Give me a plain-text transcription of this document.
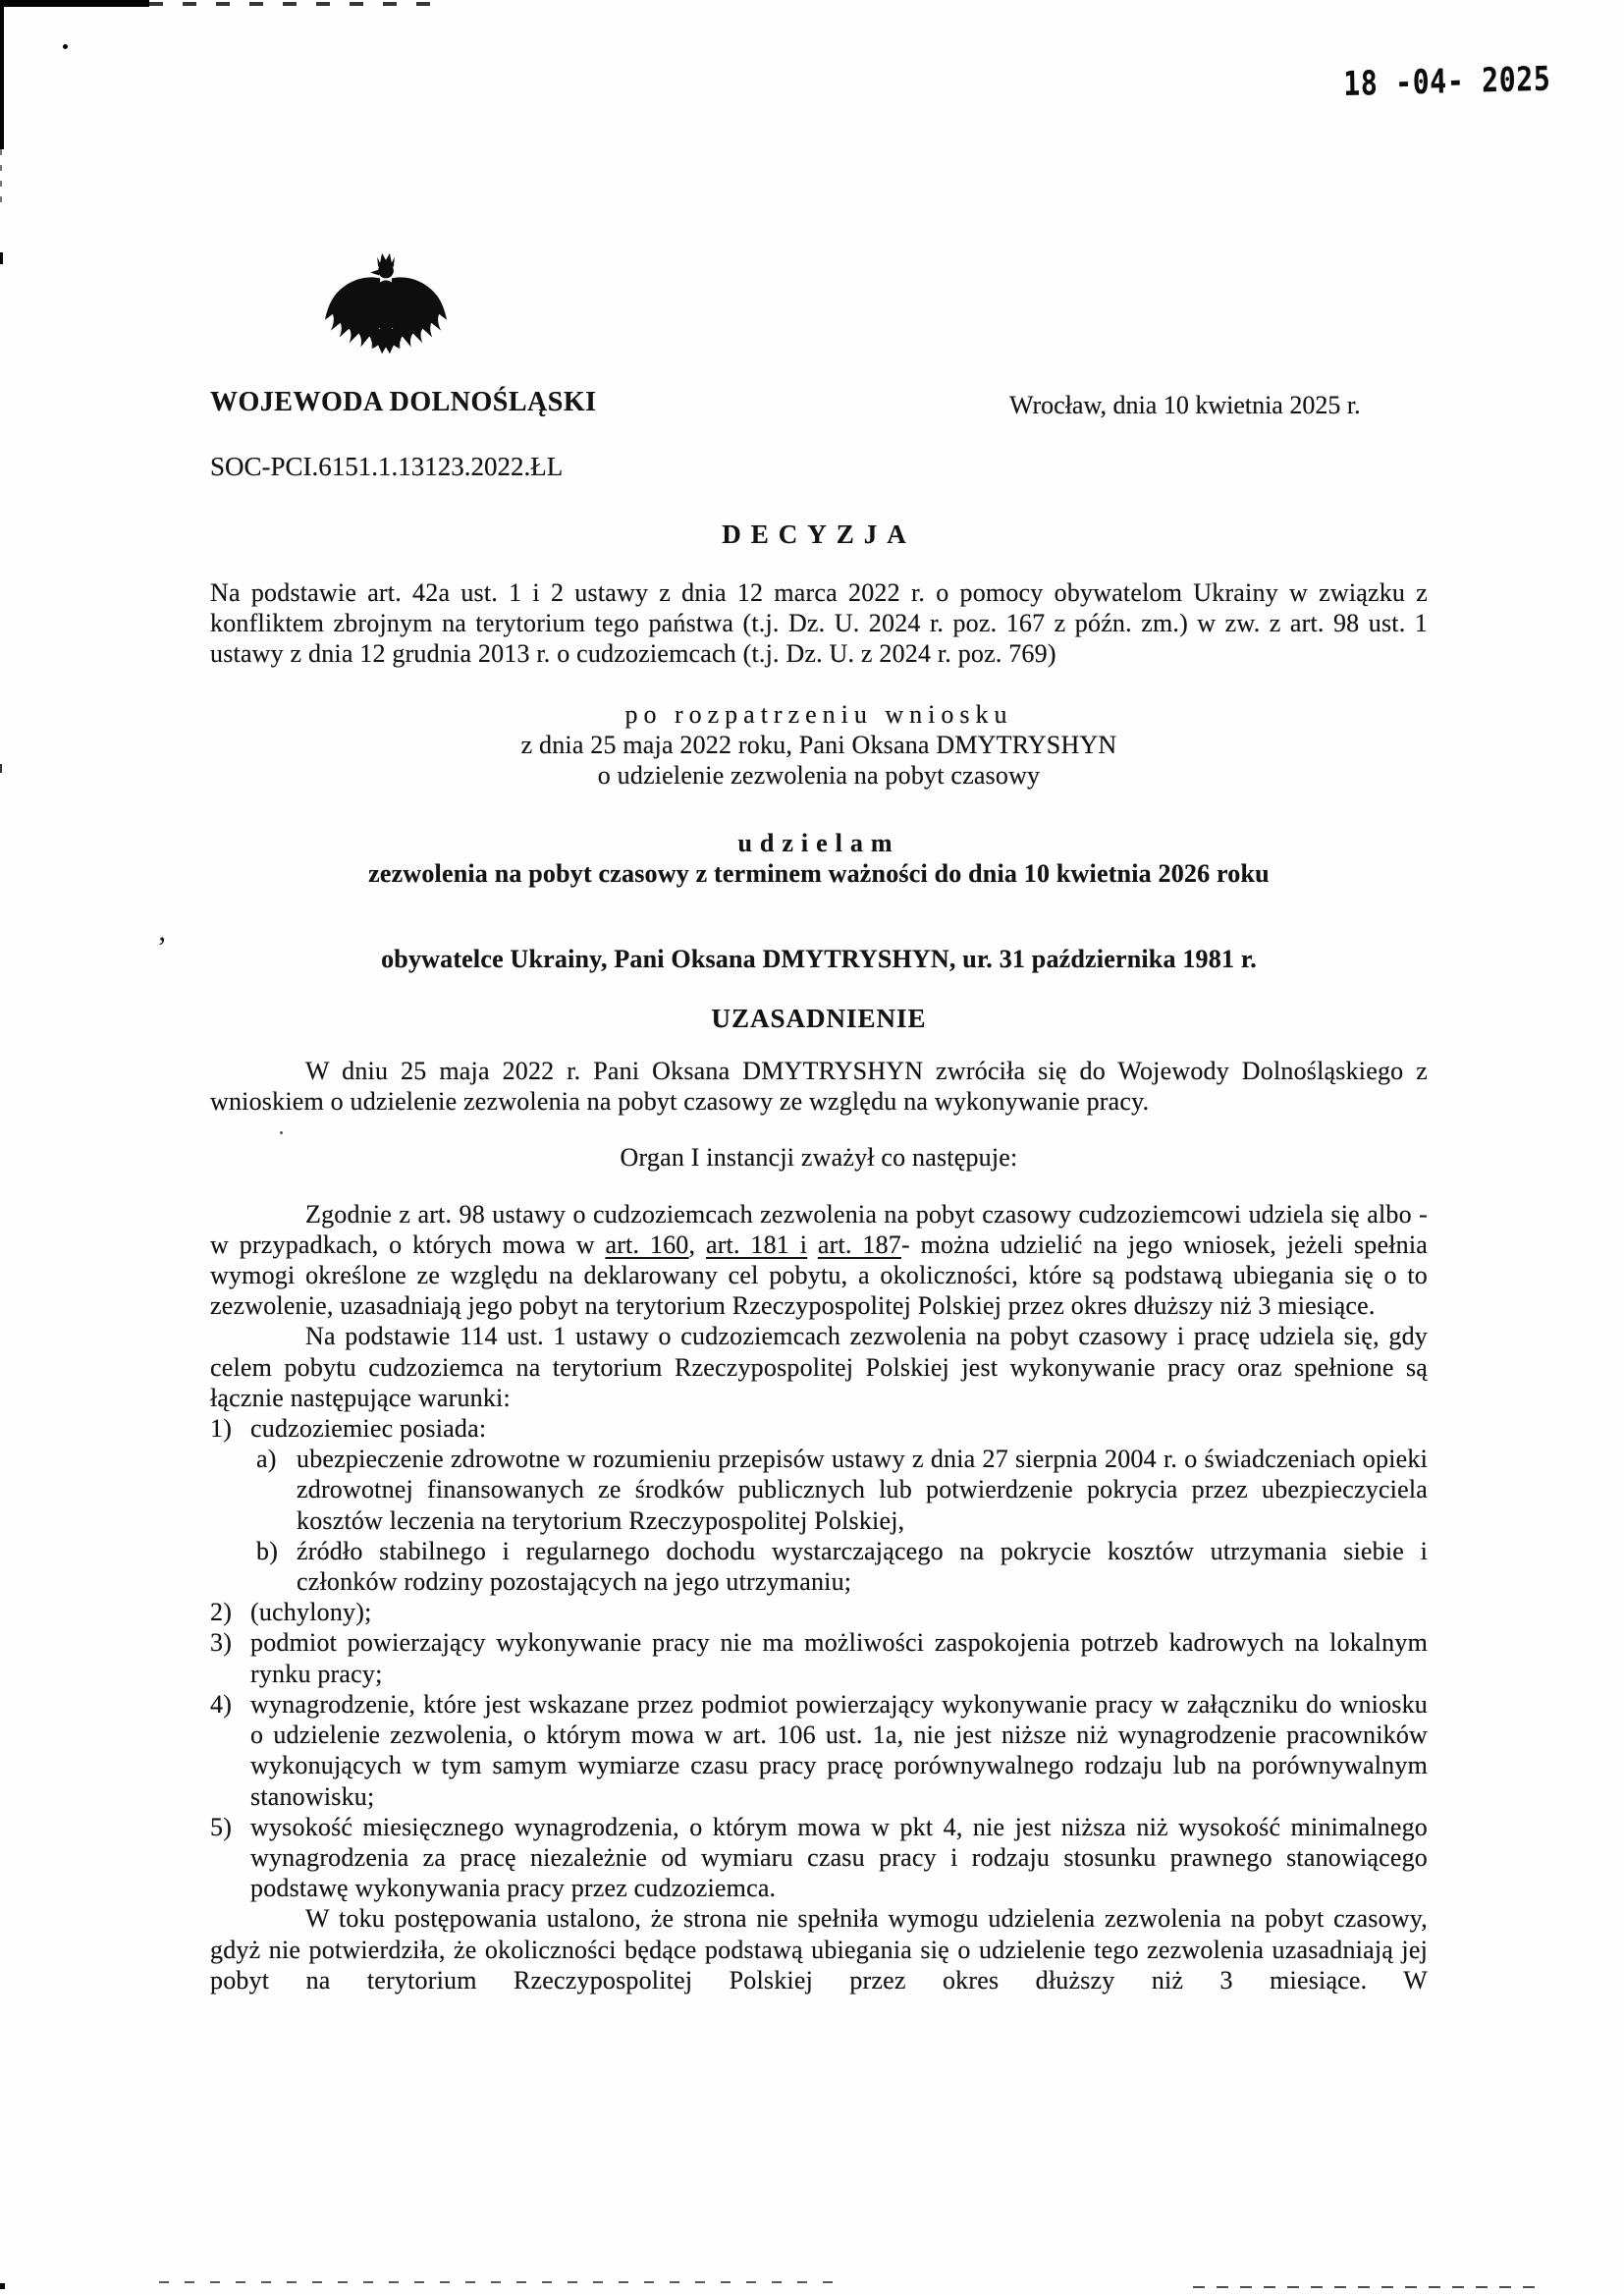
’
18 -04- 2025
WOJEWODA DOLNOŚLĄSKI	Wrocław, dnia 10 kwietnia 2025 r.
SOC-PCI.6151.1.13123.2022.ŁL
DECYZJA

Na podstawie art. 42a ust. 1 i 2 ustawy z dnia 12 marca 2022 r. o pomocy obywatelom Ukrainy w związku z konfliktem zbrojnym na terytorium tego państwa (t.j. Dz. U. 2024 r. poz. 167 z późn. zm.) w zw. z art. 98 ust. 1 ustawy z dnia 12 grudnia 2013 r. o cudzoziemcach (t.j. Dz. U. z 2024 r. poz. 769)

po rozpatrzeniu wniosku
z dnia 25 maja 2022 roku, Pani Oksana DMYTRYSHYN
o udzielenie zezwolenia na pobyt czasowy
udzielam
zezwolenia na pobyt czasowy z terminem ważności do dnia 10 kwietnia 2026 roku
obywatelce Ukrainy, Pani Oksana DMYTRYSHYN, ur. 31 października 1981 r.
UZASADNIENIE

W dniu 25 maja 2022 r. Pani Oksana DMYTRYSHYN zwróciła się do Wojewody Dolnośląskiego z wnioskiem o udzielenie zezwolenia na pobyt czasowy ze względu na wykonywanie pracy.

Organ I instancji zważył co następuje:

Zgodnie z art. 98 ustawy o cudzoziemcach zezwolenia na pobyt czasowy cudzoziemcowi udziela się albo - w przypadkach, o których mowa w art. 160, art. 181 i art. 187- można udzielić na jego wniosek, jeżeli spełnia wymogi określone ze względu na deklarowany cel pobytu, a okoliczności, które są podstawą ubiegania się o to zezwolenie, uzasadniają jego pobyt na terytorium Rzeczypospolitej Polskiej przez okres dłuższy niż 3 miesiące.

Na podstawie 114 ust. 1 ustawy o cudzoziemcach zezwolenia na pobyt czasowy i pracę udziela się, gdy celem pobytu cudzoziemca na terytorium Rzeczypospolitej Polskiej jest wykonywanie pracy oraz spełnione są łącznie następujące warunki:

1) cudzoziemiec posiada:
a) ubezpieczenie zdrowotne w rozumieniu przepisów ustawy z dnia 27 sierpnia 2004 r. o świadczeniach opieki zdrowotnej finansowanych ze środków publicznych lub potwierdzenie pokrycia przez ubezpieczyciela kosztów leczenia na terytorium Rzeczypospolitej Polskiej,
b) źródło stabilnego i regularnego dochodu wystarczającego na pokrycie kosztów utrzymania siebie i członków rodziny pozostających na jego utrzymaniu;
2) (uchylony);
3) podmiot powierzający wykonywanie pracy nie ma możliwości zaspokojenia potrzeb kadrowych na lokalnym rynku pracy;
4) wynagrodzenie, które jest wskazane przez podmiot powierzający wykonywanie pracy w załączniku do wniosku o udzielenie zezwolenia, o którym mowa w art. 106 ust. 1a, nie jest niższe niż wynagrodzenie pracowników wykonujących w tym samym wymiarze czasu pracy pracę porównywalnego rodzaju lub na porównywalnym stanowisku;
5) wysokość miesięcznego wynagrodzenia, o którym mowa w pkt 4, nie jest niższa niż wysokość minimalnego wynagrodzenia za pracę niezależnie od wymiaru czasu pracy i rodzaju stosunku prawnego stanowiącego podstawę wykonywania pracy przez cudzoziemca.

W toku postępowania ustalono, że strona nie spełniła wymogu udzielenia zezwolenia na pobyt czasowy, gdyż nie potwierdziła, że okoliczności będące podstawą ubiegania się o udzielenie tego zezwolenia uzasadniają jej pobyt na terytorium Rzeczypospolitej Polskiej przez okres dłuższy niż 3 miesiące. W
